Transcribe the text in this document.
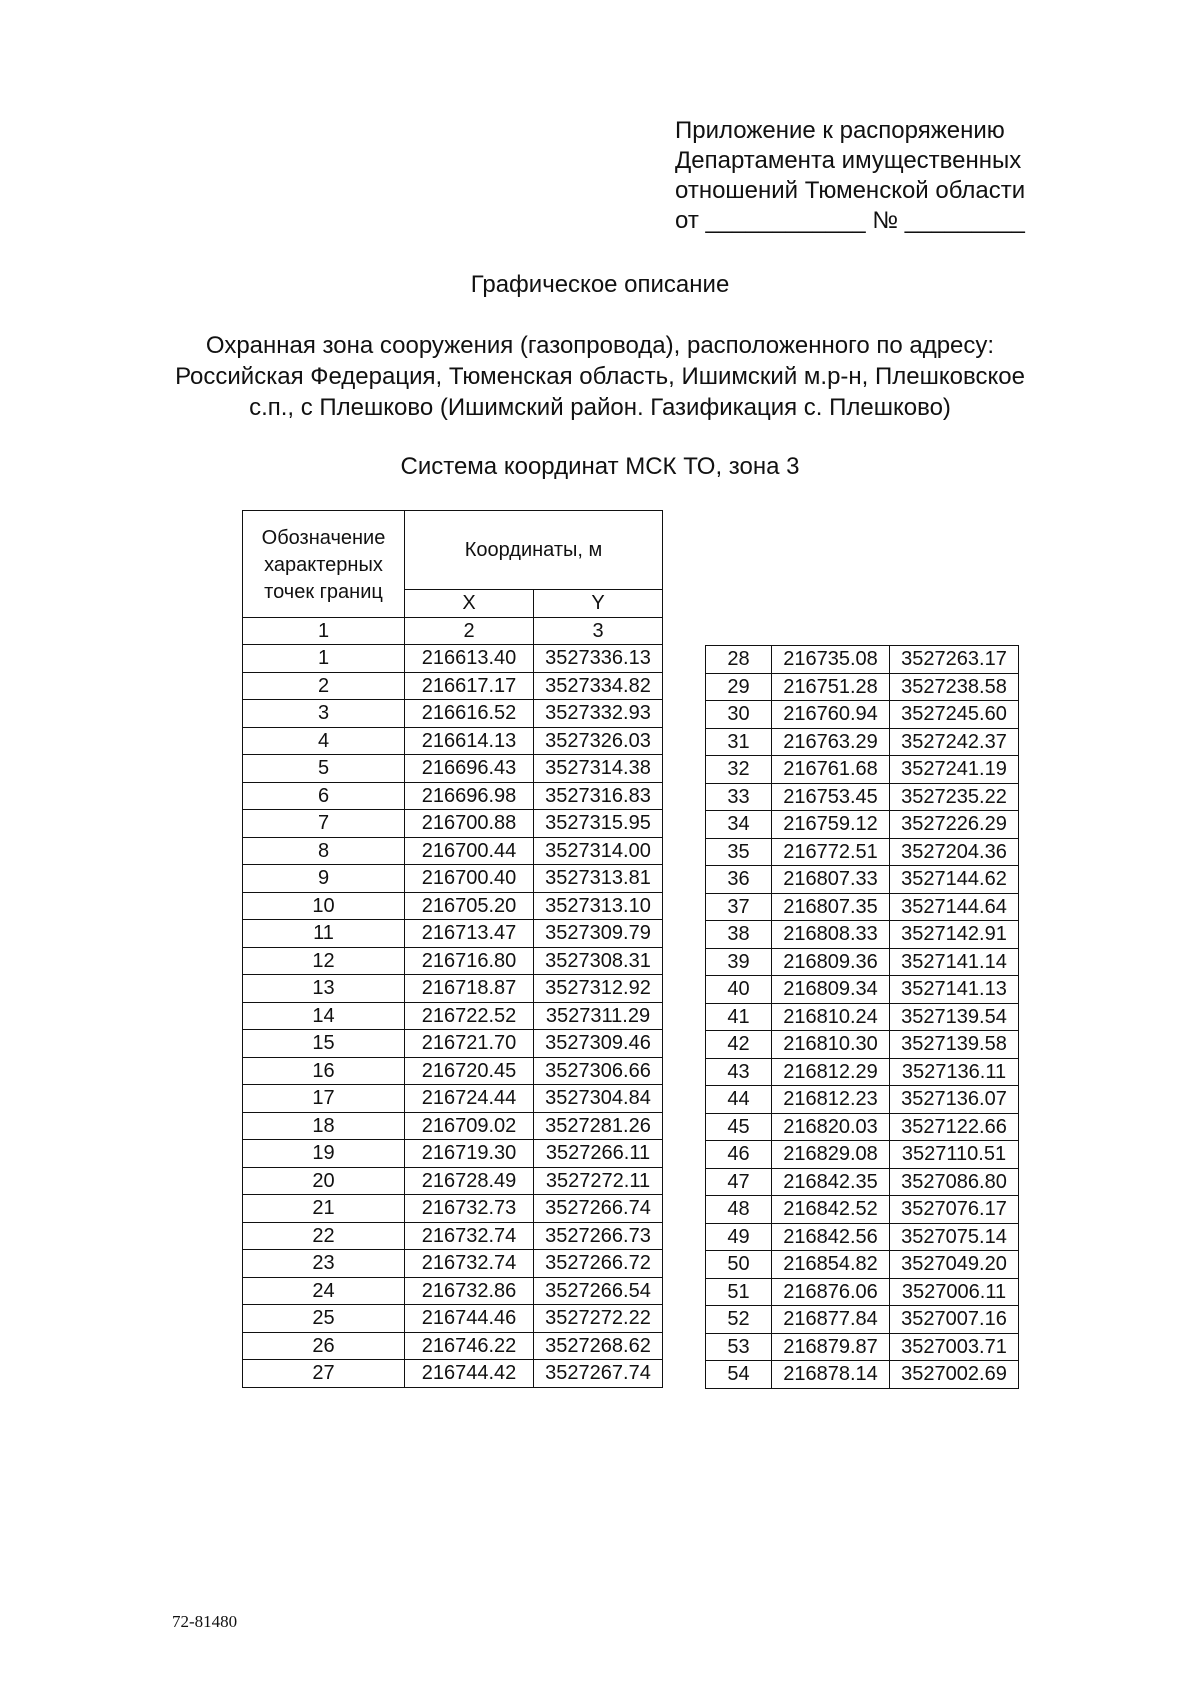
Приложение к распоряжению
Департамента имущественных
отношений Тюменской области
от ____________ № _________
Графическое описание
Охранная зона сооружения (газопровода), расположенного по адресу:
Российская Федерация, Тюменская область, Ишимский м.р-н, Плешковское
с.п., с Плешково (Ишимский район. Газификация с. Плешково)
Система координат МСК ТО, зона 3
Обозначение характерных точек границ	Координаты, м	
	X	Y
1	2	3
1	216613.40	3527336.13
2	216617.17	3527334.82
3	216616.52	3527332.93
4	216614.13	3527326.03
5	216696.43	3527314.38
6	216696.98	3527316.83
7	216700.88	3527315.95
8	216700.44	3527314.00
9	216700.40	3527313.81
10	216705.20	3527313.10
11	216713.47	3527309.79
12	216716.80	3527308.31
13	216718.87	3527312.92
14	216722.52	3527311.29
15	216721.70	3527309.46
16	216720.45	3527306.66
17	216724.44	3527304.84
18	216709.02	3527281.26
19	216719.30	3527266.11
20	216728.49	3527272.11
21	216732.73	3527266.74
22	216732.74	3527266.73
23	216732.74	3527266.72
24	216732.86	3527266.54
25	216744.46	3527272.22
26	216746.22	3527268.62
27	216744.42	3527267.74
28	216735.08	3527263.17
29	216751.28	3527238.58
30	216760.94	3527245.60
31	216763.29	3527242.37
32	216761.68	3527241.19
33	216753.45	3527235.22
34	216759.12	3527226.29
35	216772.51	3527204.36
36	216807.33	3527144.62
37	216807.35	3527144.64
38	216808.33	3527142.91
39	216809.36	3527141.14
40	216809.34	3527141.13
41	216810.24	3527139.54
42	216810.30	3527139.58
43	216812.29	3527136.11
44	216812.23	3527136.07
45	216820.03	3527122.66
46	216829.08	3527110.51
47	216842.35	3527086.80
48	216842.52	3527076.17
49	216842.56	3527075.14
50	216854.82	3527049.20
51	216876.06	3527006.11
52	216877.84	3527007.16
53	216879.87	3527003.71
54	216878.14	3527002.69
72-81480
